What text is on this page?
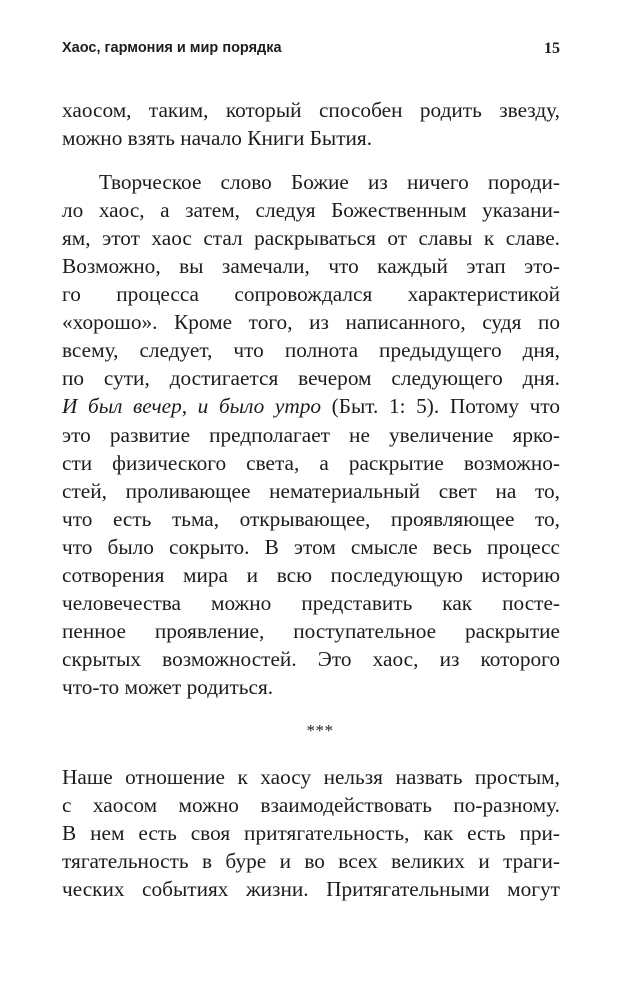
Хаос, гармония и мир порядка	15
хаосом, таким, который способен родить звезду,
можно взять начало Книги Бытия.
Творческое слово Божие из ничего породи-
ло хаос, а затем, следуя Божественным указани-
ям, этот хаос стал раскрываться от славы к славе.
Возможно, вы замечали, что каждый этап это-
го процесса сопровождался характеристикой
«хорошо». Кроме того, из написанного, судя по
всему, следует, что полнота предыдущего дня,
по сути, достигается вечером следующего дня.
И был вечер, и было утро (Быт. 1: 5). Потому что
это развитие предполагает не увеличение ярко-
сти физического света, а раскрытие возможно-
стей, проливающее нематериальный свет на то,
что есть тьма, открывающее, проявляющее то,
что было сокрыто. В этом смысле весь процесс
сотворения мира и всю последующую историю
человечества можно представить как посте-
пенное проявление, поступательное раскрытие
скрытых возможностей. Это хаос, из которого
что-то может родиться.
***
Наше отношение к хаосу нельзя назвать простым,
с хаосом можно взаимодействовать по-разному.
В нем есть своя притягательность, как есть при-
тягательность в буре и во всех великих и траги-
ческих событиях жизни. Притягательными могут
